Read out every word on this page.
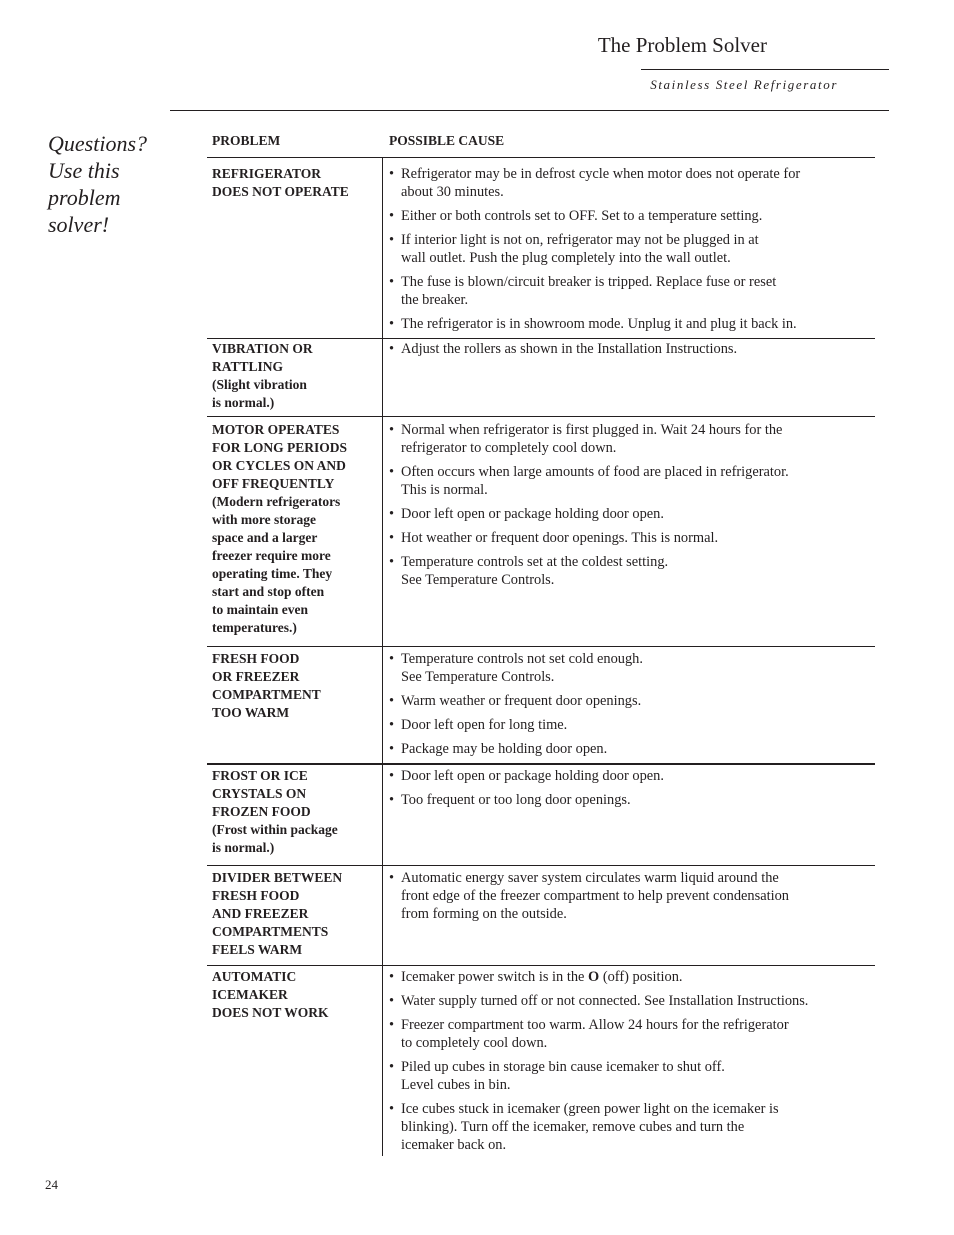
The Problem Solver
Stainless Steel Refrigerator
Questions?
Use this
problem
solver!
PROBLEM	POSSIBLE CAUSE
REFRIGERATOR
DOES NOT OPERATE
• Refrigerator may be in defrost cycle when motor does not operate for
about 30 minutes.
• Either or both controls set to OFF. Set to a temperature setting.
• If interior light is not on, refrigerator may not be plugged in at
wall outlet. Push the plug completely into the wall outlet.
• The fuse is blown/circuit breaker is tripped. Replace fuse or reset
the breaker.
• The refrigerator is in showroom mode. Unplug it and plug it back in.
VIBRATION OR
RATTLING
(Slight vibration
is normal.)
• Adjust the rollers as shown in the Installation Instructions.
MOTOR OPERATES
FOR LONG PERIODS
OR CYCLES ON AND
OFF FREQUENTLY
(Modern refrigerators
with more storage
space and a larger
freezer require more
operating time. They
start and stop often
to maintain even
temperatures.)
• Normal when refrigerator is first plugged in. Wait 24 hours for the
refrigerator to completely cool down.
• Often occurs when large amounts of food are placed in refrigerator.
This is normal.
• Door left open or package holding door open.
• Hot weather or frequent door openings. This is normal.
• Temperature controls set at the coldest setting.
See Temperature Controls.
FRESH FOOD
OR FREEZER
COMPARTMENT
TOO WARM
• Temperature controls not set cold enough.
See Temperature Controls.
• Warm weather or frequent door openings.
• Door left open for long time.
• Package may be holding door open.
FROST OR ICE
CRYSTALS ON
FROZEN FOOD
(Frost within package
is normal.)
• Door left open or package holding door open.
• Too frequent or too long door openings.
DIVIDER BETWEEN
FRESH FOOD
AND FREEZER
COMPARTMENTS
FEELS WARM
• Automatic energy saver system circulates warm liquid around the
front edge of the freezer compartment to help prevent condensation
from forming on the outside.
AUTOMATIC
ICEMAKER
DOES NOT WORK
• Icemaker power switch is in the O (off) position.
• Water supply turned off or not connected. See Installation Instructions.
• Freezer compartment too warm. Allow 24 hours for the refrigerator
to completely cool down.
• Piled up cubes in storage bin cause icemaker to shut off.
Level cubes in bin.
• Ice cubes stuck in icemaker (green power light on the icemaker is
blinking). Turn off the icemaker, remove cubes and turn the
icemaker back on.
24
